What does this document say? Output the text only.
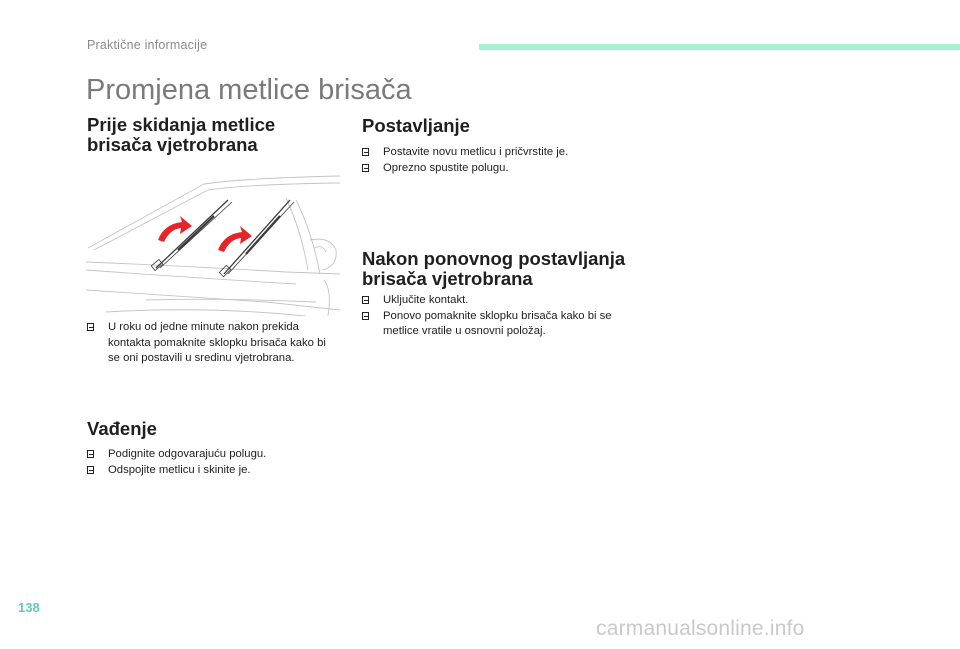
Praktične informacije
Promjena metlice brisača
Prije skidanja metlice brisača vjetrobrana
U roku od jedne minute nakon prekida kontakta pomaknite sklopku brisača kako bi se oni postavili u sredinu vjetrobrana.
Vađenje
Podignite odgovarajuću polugu.
Odspojite metlicu i skinite je.
Postavljanje
Postavite novu metlicu i pričvrstite je.
Oprezno spustite polugu.
Nakon ponovnog postavljanja brisača vjetrobrana
Uključite kontakt.
Ponovo pomaknite sklopku brisača kako bi se metlice vratile u osnovni položaj.
138
carmanualsonline.info
